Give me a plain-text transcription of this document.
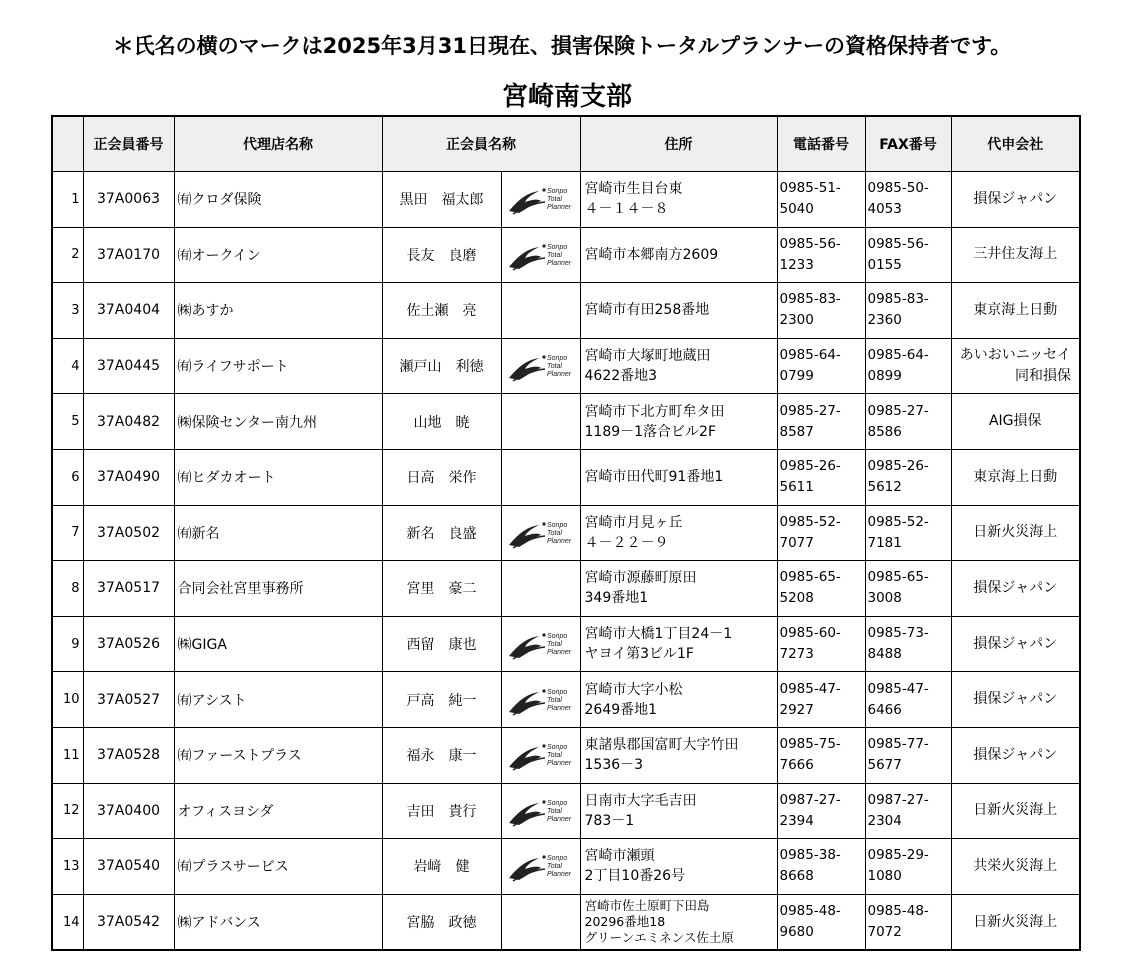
＊氏名の横のマークは2025年3月31日現在、損害保険トータルプランナーの資格保持者です。
宮崎南支部
	正会員番号	代理店名称	正会員名称		住所	電話番号	FAX番号	代申会社
1	37A0063	㈲クロダ保険	黒田　福太郎	Sonpo
Total
Planner	宮崎市生目台東
４－１４－８	0985-51-
5040	0985-50-
4053	損保ジャパン
2	37A0170	㈲オークイン	長友　良磨	Sonpo
Total
Planner	宮崎市本郷南方2609	0985-56-
1233	0985-56-
0155	三井住友海上
3	37A0404	㈱あすか	佐土瀬　亮		宮崎市有田258番地	0985-83-
2300	0985-83-
2360	東京海上日動
4	37A0445	㈲ライフサポート	瀬戸山　利徳	Sonpo
Total
Planner	宮崎市大塚町地蔵田
4622番地3	0985-64-
0799	0985-64-
0899	あいおいニッセイ
同和損保

5	37A0482	㈱保険センター南九州	山地　暁		宮崎市下北方町牟タ田
1189－1落合ビル2F	0985-27-
8587	0985-27-
8586	AIG損保
6	37A0490	㈲ヒダカオート	日高　栄作		宮崎市田代町91番地1	0985-26-
5611	0985-26-
5612	東京海上日動
7	37A0502	㈲新名	新名　良盛	Sonpo
Total
Planner	宮崎市月見ヶ丘
４－２２－９	0985-52-
7077	0985-52-
7181	日新火災海上
8	37A0517	合同会社宮里事務所	宮里　豪二		宮崎市源藤町原田
349番地1	0985-65-
5208	0985-65-
3008	損保ジャパン
9	37A0526	㈱GIGA	西留　康也	Sonpo
Total
Planner	宮崎市大橋1丁目24－1
ヤヨイ第3ビル1F	0985-60-
7273	0985-73-
8488	損保ジャパン
10	37A0527	㈲アシスト	戸高　純一	Sonpo
Total
Planner	宮崎市大字小松
2649番地1	0985-47-
2927	0985-47-
6466	損保ジャパン
11	37A0528	㈲ファーストプラス	福永　康一	Sonpo
Total
Planner	東諸県郡国富町大字竹田
1536－3	0985-75-
7666	0985-77-
5677	損保ジャパン
12	37A0400	オフィスヨシダ	吉田　貴行	Sonpo
Total
Planner	日南市大字毛吉田
783－1	0987-27-
2394	0987-27-
2304	日新火災海上
13	37A0540	㈲プラスサービス	岩﨑　健	Sonpo
Total
Planner	宮崎市瀬頭
2丁目10番26号	0985-38-
8668	0985-29-
1080	共栄火災海上
14	37A0542	㈱アドバンス	宮脇　政徳		宮崎市佐土原町下田島
20296番地18
グリーンエミネンス佐土原	0985-48-
9680	0985-48-
7072	日新火災海上
